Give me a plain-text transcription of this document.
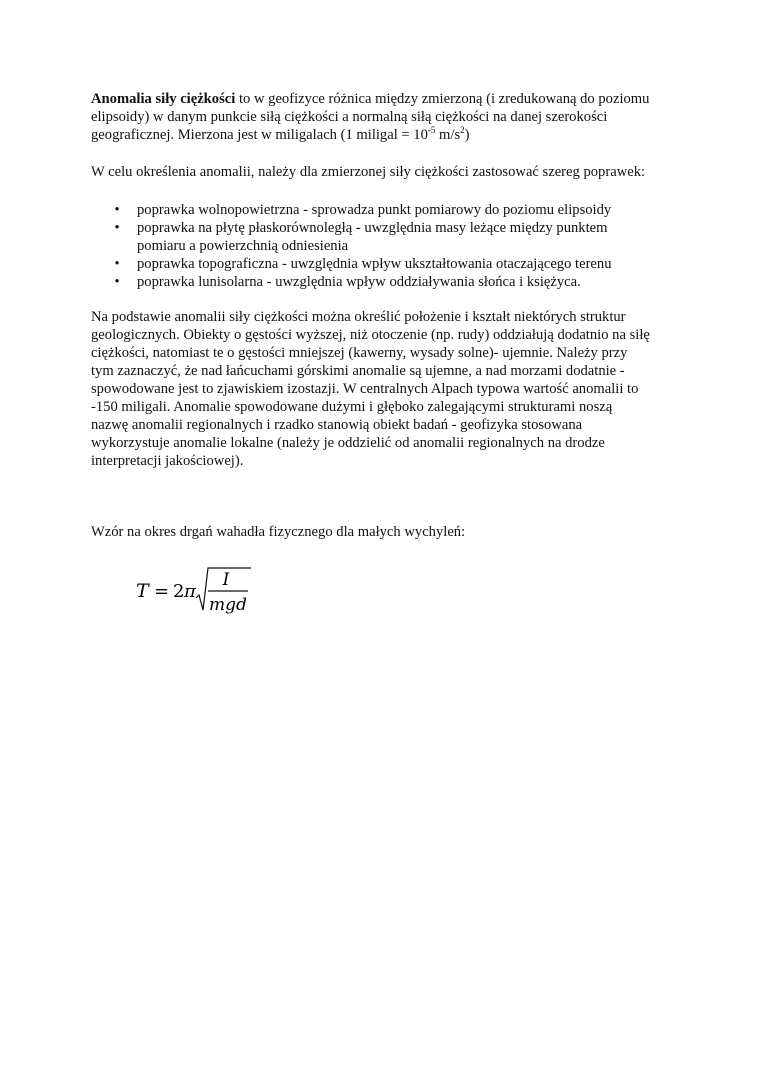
Anomalia siły ciężkości to w geofizyce różnica między zmierzoną (i zredukowaną do poziomu elipsoidy) w danym punkcie siłą ciężkości a normalną siłą ciężkości na danej szerokości geograficznej. Mierzona jest w miligalach (1 miligal = $10^{-5}$ $m/s^2$)

W celu określenia anomalii, należy dla zmierzonej siły ciężkości zastosować szereg poprawek:

• poprawka wolnopowietrzna - sprowadza punkt pomiarowy do poziomu elipsoidy
• poprawka na płytę płaskorównoległą - uwzględnia masy leżące między punktem pomiaru a powierzchnią odniesienia
• poprawka topograficzna - uwzględnia wpływ ukształtowania otaczającego terenu
• poprawka lunisolarna - uwzględnia wpływ oddziaływania słońca i księżyca.

Na podstawie anomalii siły ciężkości można określić położenie i kształt niektórych struktur geologicznych. Obiekty o gęstości wyższej, niż otoczenie (np. rudy) oddziałują dodatnio na siłę ciężkości, natomiast te o gęstości mniejszej (kawerny, wysady solne)- ujemnie. Należy przy tym zaznaczyć, że nad łańcuchami górskimi anomalie są ujemne, a nad morzami dodatnie - spowodowane jest to zjawiskiem izostazji. W centralnych Alpach typowa wartość anomalii to -150 miligali. Anomalie spowodowane dużymi i głęboko zalegającymi strukturami noszą nazwę anomalii regionalnych i rzadko stanowią obiekt badań - geofizyka stosowana wykorzystuje anomalie lokalne (należy je oddzielić od anomalii regionalnych na drodze interpretacji jakościowej).

Wzór na okres drgań wahadła fizycznego dla małych wychyleń:

T = 2 π
I
mgd
